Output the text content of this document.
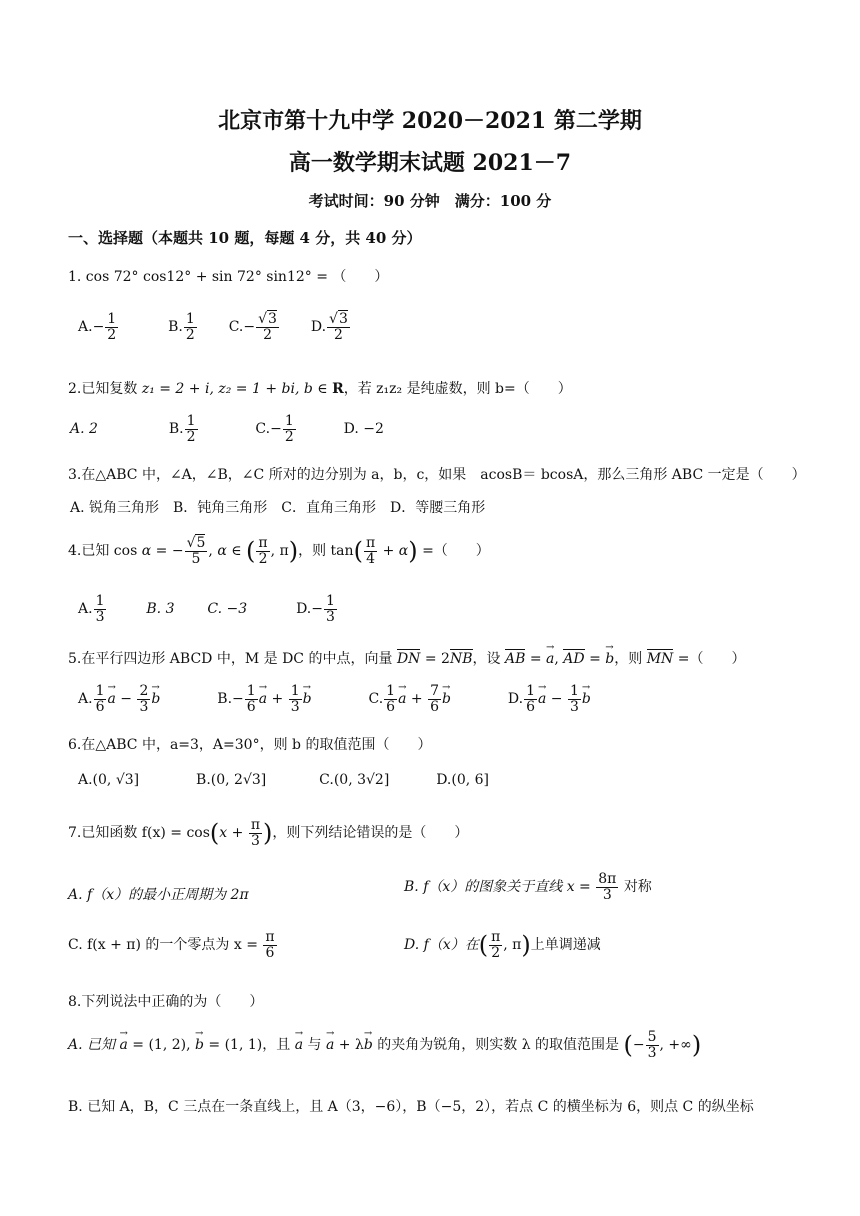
北京市第十九中学 2020－2021 第二学期
高一数学期末试题 2021－7
考试时间：90 分钟　满分：100 分
一、选择题（本题共 10 题，每题 4 分，共 40 分）
1. cos 72° cos12° + sin 72° sin12° = （　　）
$A.- \frac{1}{2}$	B. $\frac{1}{2} C.- \frac{√3}{2} D$. $\frac{√3}{2}$
2.已知复数 z₁ = 2 + i, z₂ = 1 + bi, b ∈ R，若 z₁z₂ 是纯虚数，则 b=（　　）
A. 2	B. $\frac{1}{2}$	$C.- \frac{1}{2}$	D. −2
3.在△ABC 中，∠A，∠B，∠C 所对的边分别为 a，b，c，如果　acosB＝ bcosA，那么三角形 ABC 一定是（　　）
A. 锐角三角形　B．钝角三角形　C．直角三角形　D．等腰三角形
4.已知 cos α = − $\frac{√5}{5}$ , α ∈ ( $\frac{\pi}{2}$ , π)，则 $\tan( \frac{\pi}{4} + \alpha)$ =（　　）
A. $\frac{1}{3}$	B. 3 C. −3	$D.- \frac{1}{3}$
5.在平行四边形 ABCD 中，M 是 DC 的中点，向量 DN = 2NB，设 AB = → a, AD = → b，则 MN =（　　）
A. $\frac{1}{6}$
→ $a - \frac{2}{3}$
→ b	$B.- \frac{1}{6}$
→ $a + \frac{1}{3}$
→ b	C. $\frac{1}{6}$
→ $a + \frac{7}{6}$
→ b	D. $\frac{1}{6}$
→ $a - \frac{1}{3}$
→ b
6.在△ABC 中，a=3，A=30°，则 b 的取值范围（　　）
A.(0, √3]	B.(0, 2√3]	C.(0, 3√2]	D.(0, 6]
7.已知函数 $f(x) = \cos(x + \frac{\pi}{3}$ )，则下列结论错误的是（　　）
A. f（x）的最小正周期为 2π	B. f（x）的图象关于直线 $x = \frac{8\pi}{3}$ 对称
C. f(x + π) 的一个零点为 $x = \frac{\pi}{6}$	D. f（x）在( $\frac{\pi}{2}$ , π)上单调递减
8.下列说法中正确的为（　　）
A. 已知 → a = (1, 2), → b = (1, 1)，且 → a 与 → a + λ→ b 的夹角为锐角，则实数 λ 的取值范围是 (− $\frac{5}{3}$ , +∞)
B. 已知 A，B，C 三点在一条直线上，且 A（3，−6），B（−5，2），若点 C 的横坐标为 6，则点 C 的纵坐标
